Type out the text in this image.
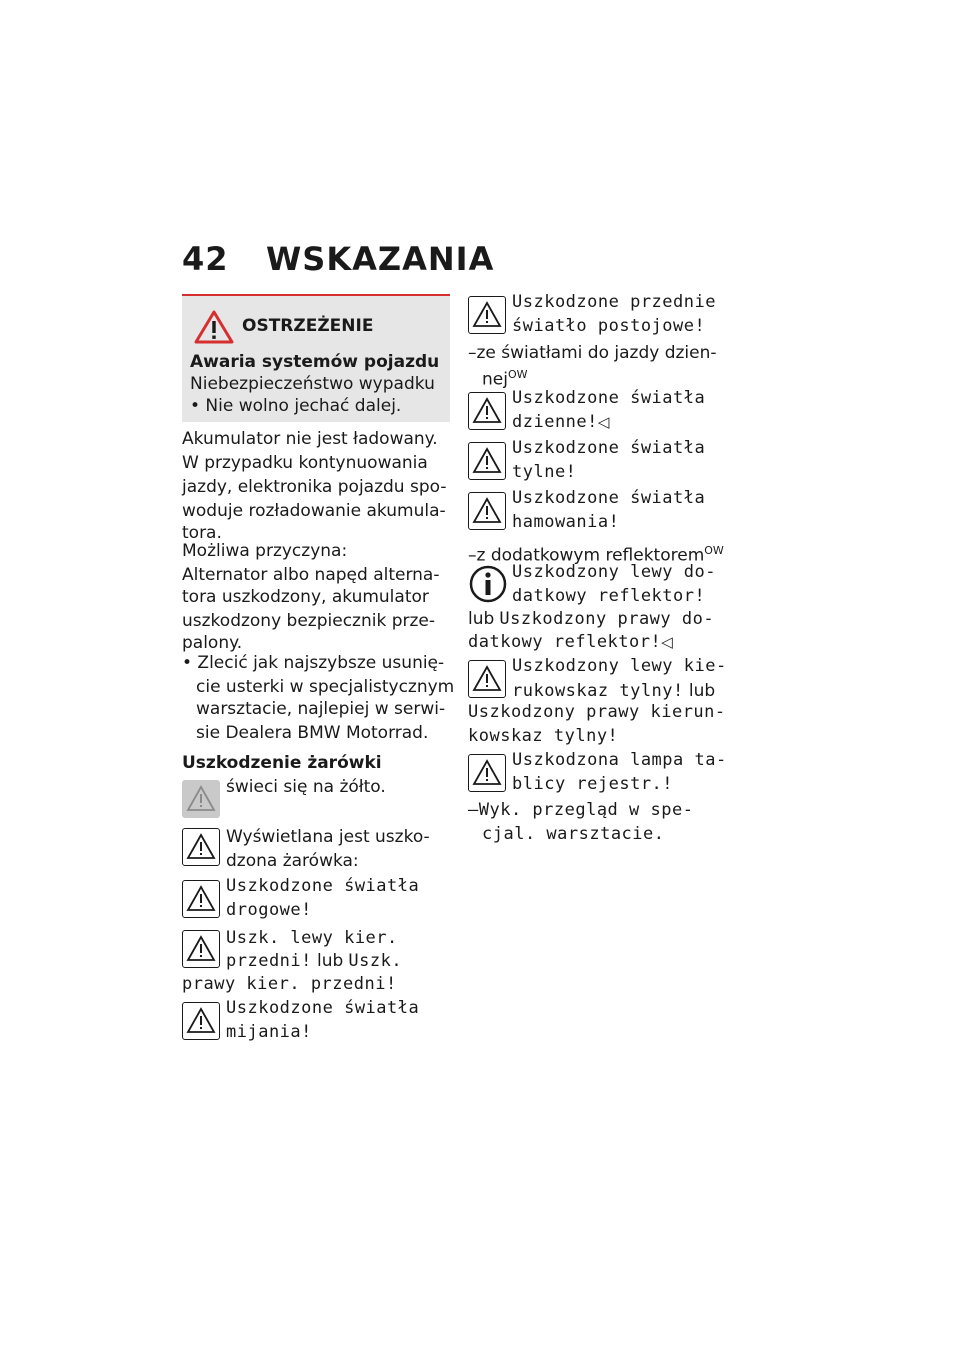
42 WSKAZANIA
OSTRZEŻENIE
Awaria systemów pojazdu
Niebezpieczeństwo wypadku
• Nie wolno jechać dalej.
Akumulator nie jest ładowany.
W przypadku kontynuowania
jazdy, elektronika pojazdu spo-
woduje rozładowanie akumula-
tora.
Możliwa przyczyna:
Alternator albo napęd alterna-
tora uszkodzony, akumulator
uszkodzony bezpiecznik prze-
palony.
• Zlecić jak najszybsze usunię-
cie usterki w specjalistycznym
warsztacie, najlepiej w serwi-
sie Dealera BMW Motorrad.
Uszkodzenie żarówki
świeci się na żółto.
Wyświetlana jest uszko-
dzona żarówka:
Uszkodzone światła
drogowe!
Uszk. lewy kier.
przedni! lub Uszk.
prawy kier. przedni!
Uszkodzone światła
mijania!
Uszkodzone przednie
światło postojowe!
–ze światłami do jazdy dzien-
nej$^{OW}$
Uszkodzone światła
dzienne!◁
Uszkodzone światła
tylne!
Uszkodzone światła
hamowania!
–z dodatkowym reflektorem$^{OW}$
Uszkodzony lewy do-
datkowy reflektor!
lub Uszkodzony prawy do-
datkowy reflektor!◁
Uszkodzony lewy kie-
rukowskaz tylny! lub
Uszkodzony prawy kierun-
kowskaz tylny!
Uszkodzona lampa ta-
blicy rejestr.!
–Wyk. przegląd w spe-
cjal. warsztacie.
